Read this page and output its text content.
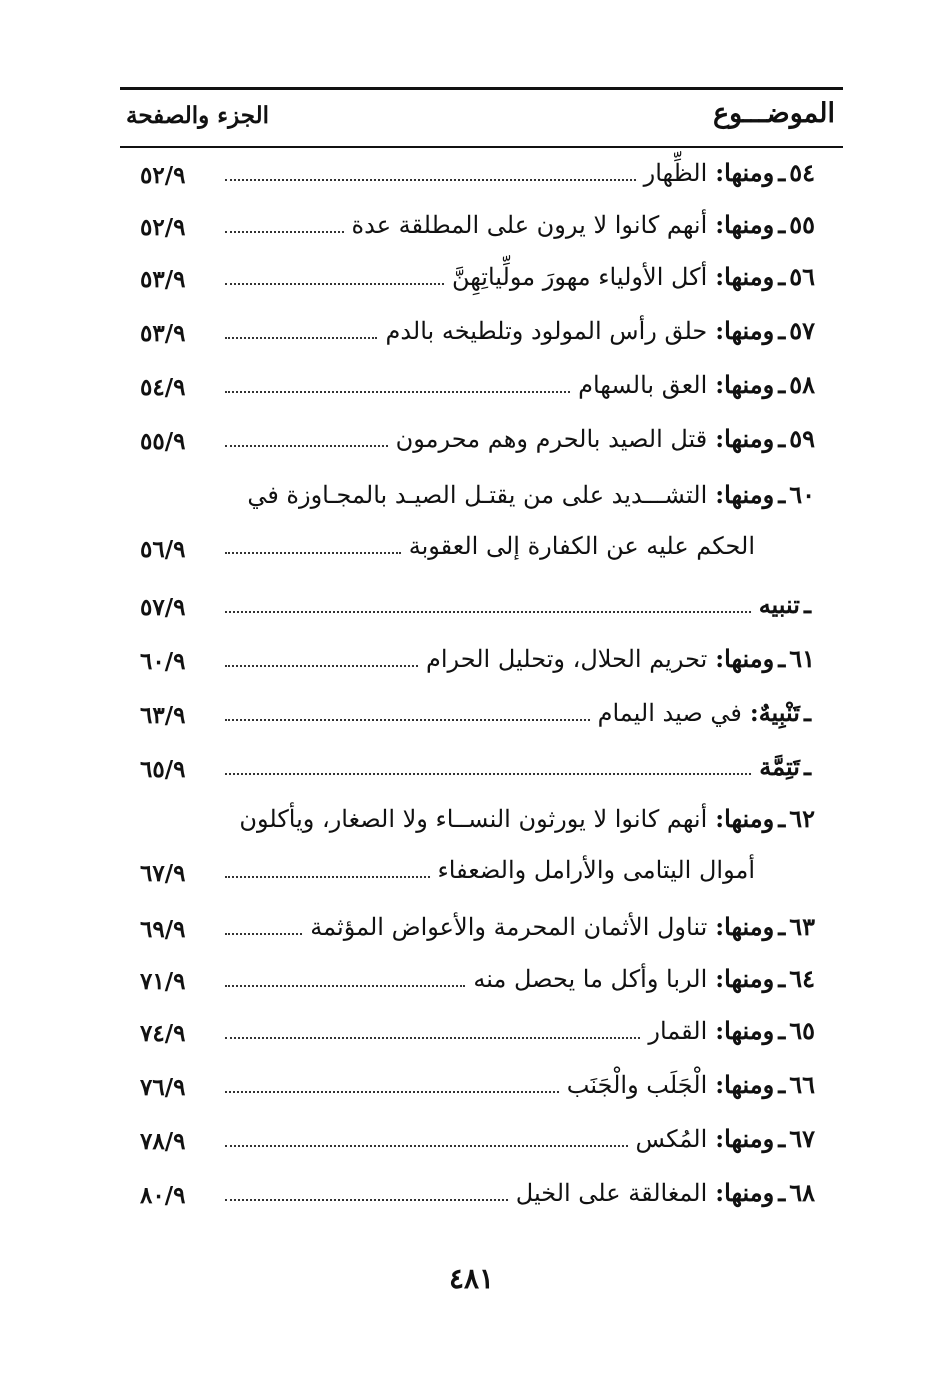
الموضـــوع
الجزء والصفحة
٥٤
ـ
ومنها
:
الظِّهار
٥٢/٩
٥٥
ـ
ومنها
:
أنهم كانوا لا يرون على المطلقة عدة
٥٢/٩
٥٦
ـ
ومنها
:
أكل الأولياء مهورَ مولِّياتِهِنَّ
٥٣/٩
٥٧
ـ
ومنها
:
حلق رأس المولود وتلطيخه بالدم
٥٣/٩
٥٨
ـ
ومنها
:
العق بالسهام
٥٤/٩
٥٩
ـ
ومنها
:
قتل الصيد بالحرم وهم محرمون
٥٥/٩
٦٠
ـ
ومنها
:
التشـــديد على من يقتـل الصيـد بالمجـاوزة في
الحكم عليه عن الكفارة إلى العقوبة
٥٦/٩
ـ
تنبيه
٥٧/٩
٦١
ـ
ومنها
:
تحريم الحلال، وتحليل الحرام
٦٠/٩
ـ
تَنْبِيهٌ
:
في صيد اليمام
٦٣/٩
ـ
تَتِمَّة
٦٥/٩
٦٢
ـ
ومنها
:
أنهم كانوا لا يورثون النســاء ولا الصغار، ويأكلون
أموال اليتامى والأرامل والضعفاء
٦٧/٩
٦٣
ـ
ومنها
:
تناول الأثمان المحرمة والأعواض المؤثمة
٦٩/٩
٦٤
ـ
ومنها
:
الربا وأكل ما يحصل منه
٧١/٩
٦٥
ـ
ومنها
:
القمار
٧٤/٩
٦٦
ـ
ومنها
:
الْجَلَب والْجَنَب
٧٦/٩
٦٧
ـ
ومنها
:
المُكس
٧٨/٩
٦٨
ـ
ومنها
:
المغالقة على الخيل
٨٠/٩
٤٨١
